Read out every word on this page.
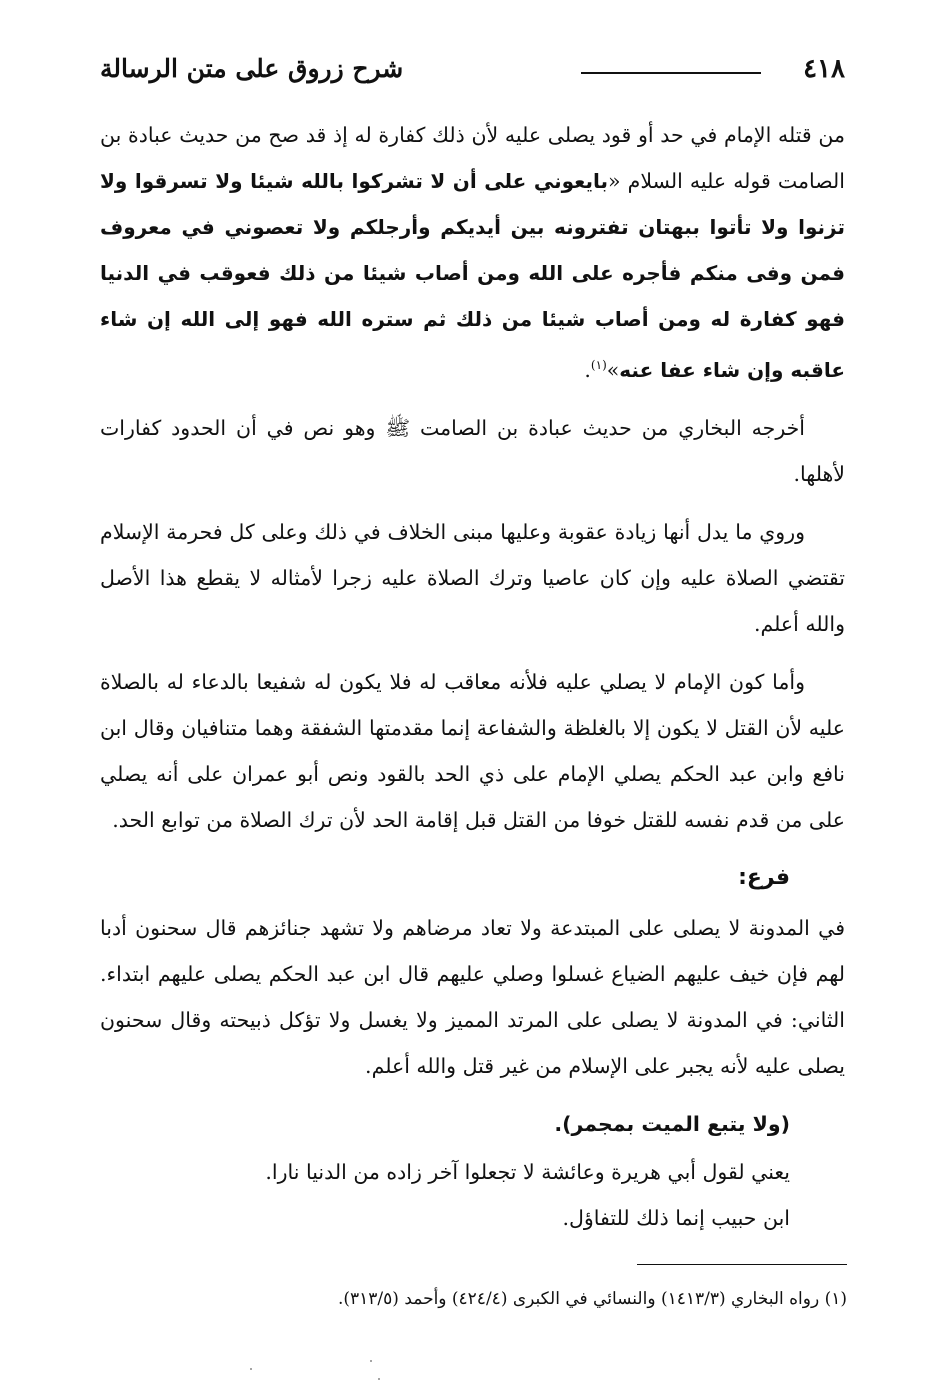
٤١٨
شرح زروق على متن الرسالة

من قتله الإمام في حد أو قود يصلى عليه لأن ذلك كفارة له إذ قد صح من حديث عبادة بن الصامت قوله عليه السلام «بايعوني على أن لا تشركوا بالله شيئا ولا تسرقوا ولا تزنوا ولا تأتوا ببهتان تفترونه بين أيديكم وأرجلكم ولا تعصوني في معروف فمن وفى منكم فأجره على الله ومن أصاب شيئا من ذلك فعوقب في الدنيا فهو كفارة له ومن أصاب شيئا من ذلك ثم ستره الله فهو إلى الله إن شاء عاقبه وإن شاء عفا عنه»$^{(١)}$.

أخرجه البخاري من حديث عبادة بن الصامت ﷺ وهو نص في أن الحدود كفارات لأهلها.

وروي ما يدل أنها زيادة عقوبة وعليها مبنى الخلاف في ذلك وعلى كل فحرمة الإسلام تقتضي الصلاة عليه وإن كان عاصيا وترك الصلاة عليه زجرا لأمثاله لا يقطع هذا الأصل والله أعلم.

وأما كون الإمام لا يصلي عليه فلأنه معاقب له فلا يكون له شفيعا بالدعاء له بالصلاة عليه لأن القتل لا يكون إلا بالغلظة والشفاعة إنما مقدمتها الشفقة وهما متنافيان وقال ابن نافع وابن عبد الحكم يصلي الإمام على ذي الحد بالقود ونص أبو عمران على أنه يصلي على من قدم نفسه للقتل خوفا من القتل قبل إقامة الحد لأن ترك الصلاة من توابع الحد.

فرع:

في المدونة لا يصلى على المبتدعة ولا تعاد مرضاهم ولا تشهد جنائزهم قال سحنون أدبا لهم فإن خيف عليهم الضياع غسلوا وصلي عليهم قال ابن عبد الحكم يصلى عليهم ابتداء. الثاني: في المدونة لا يصلى على المرتد المميز ولا يغسل ولا تؤكل ذبيحته وقال سحنون يصلى عليه لأنه يجبر على الإسلام من غير قتل والله أعلم.

(ولا يتبع الميت بمجمر).
يعني لقول أبي هريرة وعائشة لا تجعلوا آخر زاده من الدنيا نارا.
ابن حبيب إنما ذلك للتفاؤل.
(١) رواه البخاري (١٤١٣/٣) والنسائي في الكبرى (٤٢٤/٤) وأحمد (٣١٣/٥).
